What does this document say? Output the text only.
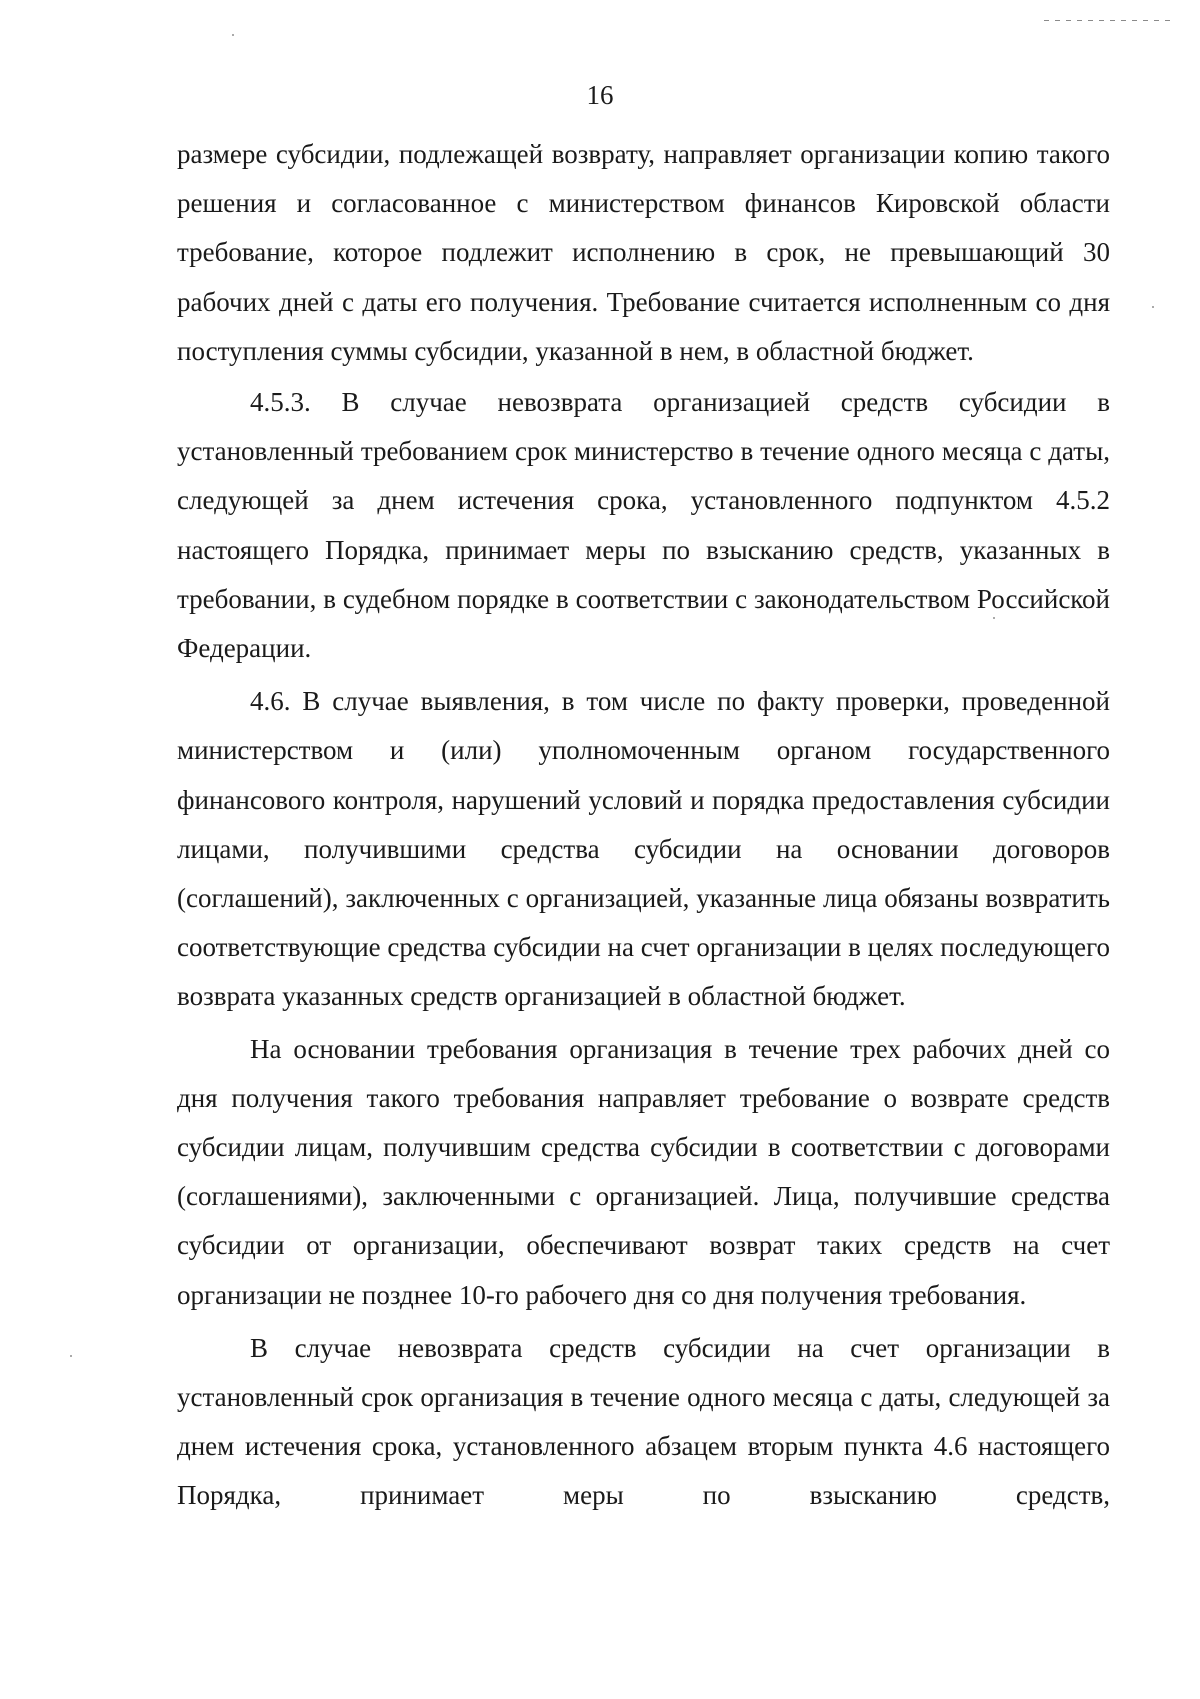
16

размере субсидии, подлежащей возврату, направляет организации копию такого решения и согласованное с министерством финансов Кировской области требование, которое подлежит исполнению в срок, не превышающий 30 рабочих дней с даты его получения. Требование считается исполненным со дня поступления суммы субсидии, указанной в нем, в областной бюджет.

4.5.3. В случае невозврата организацией средств субсидии в установленный требованием срок министерство в течение одного месяца с даты, следующей за днем истечения срока, установленного подпунктом 4.5.2 настоящего Порядка, принимает меры по взысканию средств, указанных в требовании, в судебном порядке в соответствии с законодательством Российской Федерации.

4.6. В случае выявления, в том числе по факту проверки, проведенной министерством и (или) уполномоченным органом государственного финансового контроля, нарушений условий и порядка предоставления субсидии лицами, получившими средства субсидии на основании договоров (соглашений), заключенных с организацией, указанные лица обязаны возвратить соответствующие средства субсидии на счет организации в целях последующего возврата указанных средств организацией в областной бюджет.

На основании требования организация в течение трех рабочих дней со дня получения такого требования направляет требование о возврате средств субсидии лицам, получившим средства субсидии в соответствии с договорами (соглашениями), заключенными с организацией. Лица, получившие средства субсидии от организации, обеспечивают возврат таких средств на счет организации не позднее 10-го рабочего дня со дня получения требования.

В случае невозврата средств субсидии на счет организации в установленный срок организация в течение одного месяца с даты, следующей за днем истечения срока, установленного абзацем вторым пункта 4.6 настоящего Порядка, принимает меры по взысканию средств,
